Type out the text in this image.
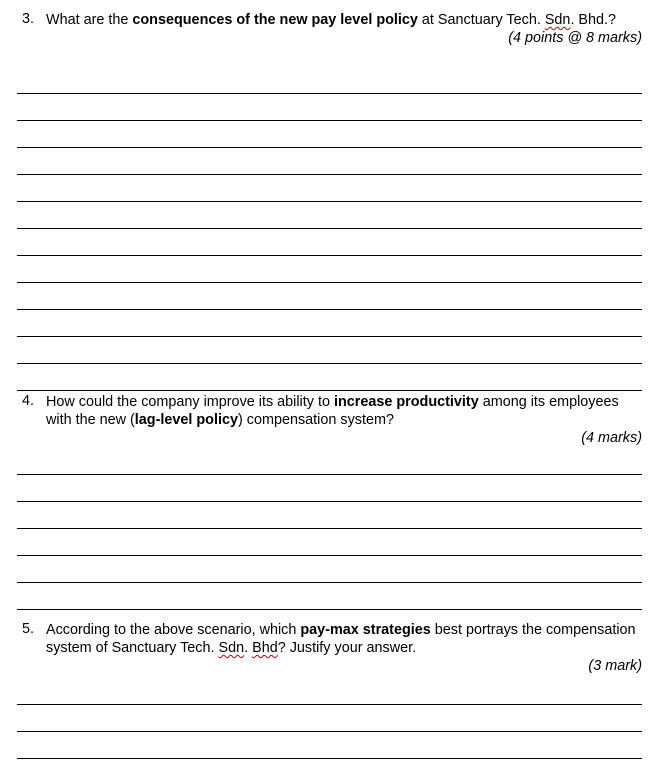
3. What are the consequences of the new pay level policy at Sanctuary Tech. Sdn. Bhd.?
(4 points @ 8 marks)
4. How could the company improve its ability to increase productivity among its employees with the new (lag-level policy) compensation system?
(4 marks)
5. According to the above scenario, which pay-max strategies best portrays the compensation system of Sanctuary Tech. Sdn. Bhd? Justify your answer.
(3 mark)
